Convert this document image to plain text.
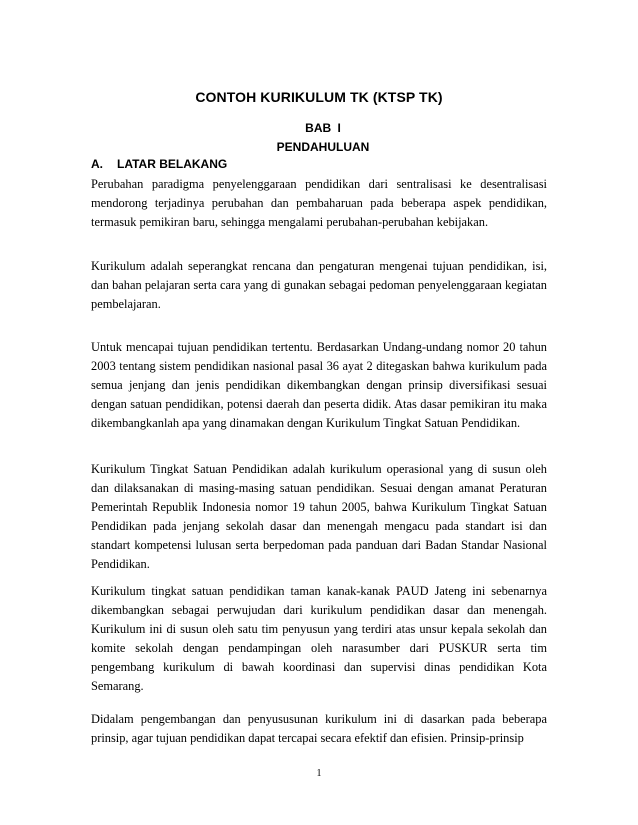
CONTOH KURIKULUM TK (KTSP TK)
BAB I
PENDAHULUAN
A. LATAR BELAKANG

Perubahan paradigma penyelenggaraan pendidikan dari sentralisasi ke desentralisasi mendorong terjadinya perubahan dan pembaharuan pada beberapa aspek pendidikan, termasuk pemikiran baru, sehingga mengalami perubahan-perubahan kebijakan.

Kurikulum adalah seperangkat rencana dan pengaturan mengenai tujuan pendidikan, isi, dan bahan pelajaran serta cara yang di gunakan sebagai pedoman penyelenggaraan kegiatan pembelajaran.

Untuk mencapai tujuan pendidikan tertentu. Berdasarkan Undang-undang nomor 20 tahun 2003 tentang sistem pendidikan nasional pasal 36 ayat 2 ditegaskan bahwa kurikulum pada semua jenjang dan jenis pendidikan dikembangkan dengan prinsip diversifikasi sesuai dengan satuan pendidikan, potensi daerah dan peserta didik. Atas dasar pemikiran itu maka dikembangkanlah apa yang dinamakan dengan Kurikulum Tingkat Satuan Pendidikan.

Kurikulum Tingkat Satuan Pendidikan adalah kurikulum operasional yang di susun oleh dan dilaksanakan di masing-masing satuan pendidikan. Sesuai dengan amanat Peraturan Pemerintah Republik Indonesia nomor 19 tahun 2005, bahwa Kurikulum Tingkat Satuan Pendidikan pada jenjang sekolah dasar dan menengah mengacu pada standart isi dan standart kompetensi lulusan serta berpedoman pada panduan dari Badan Standar Nasional Pendidikan.

Kurikulum tingkat satuan pendidikan taman kanak-kanak PAUD Jateng ini sebenarnya dikembangkan sebagai perwujudan dari kurikulum pendidikan dasar dan menengah. Kurikulum ini di susun oleh satu tim penyusun yang terdiri atas unsur kepala sekolah dan komite sekolah dengan pendampingan oleh narasumber dari PUSKUR serta tim pengembang kurikulum di bawah koordinasi dan supervisi dinas pendidikan Kota Semarang.

Didalam pengembangan dan penyususunan kurikulum ini di dasarkan pada beberapa prinsip, agar tujuan pendidikan dapat tercapai secara efektif dan efisien. Prinsip-prinsip

1
